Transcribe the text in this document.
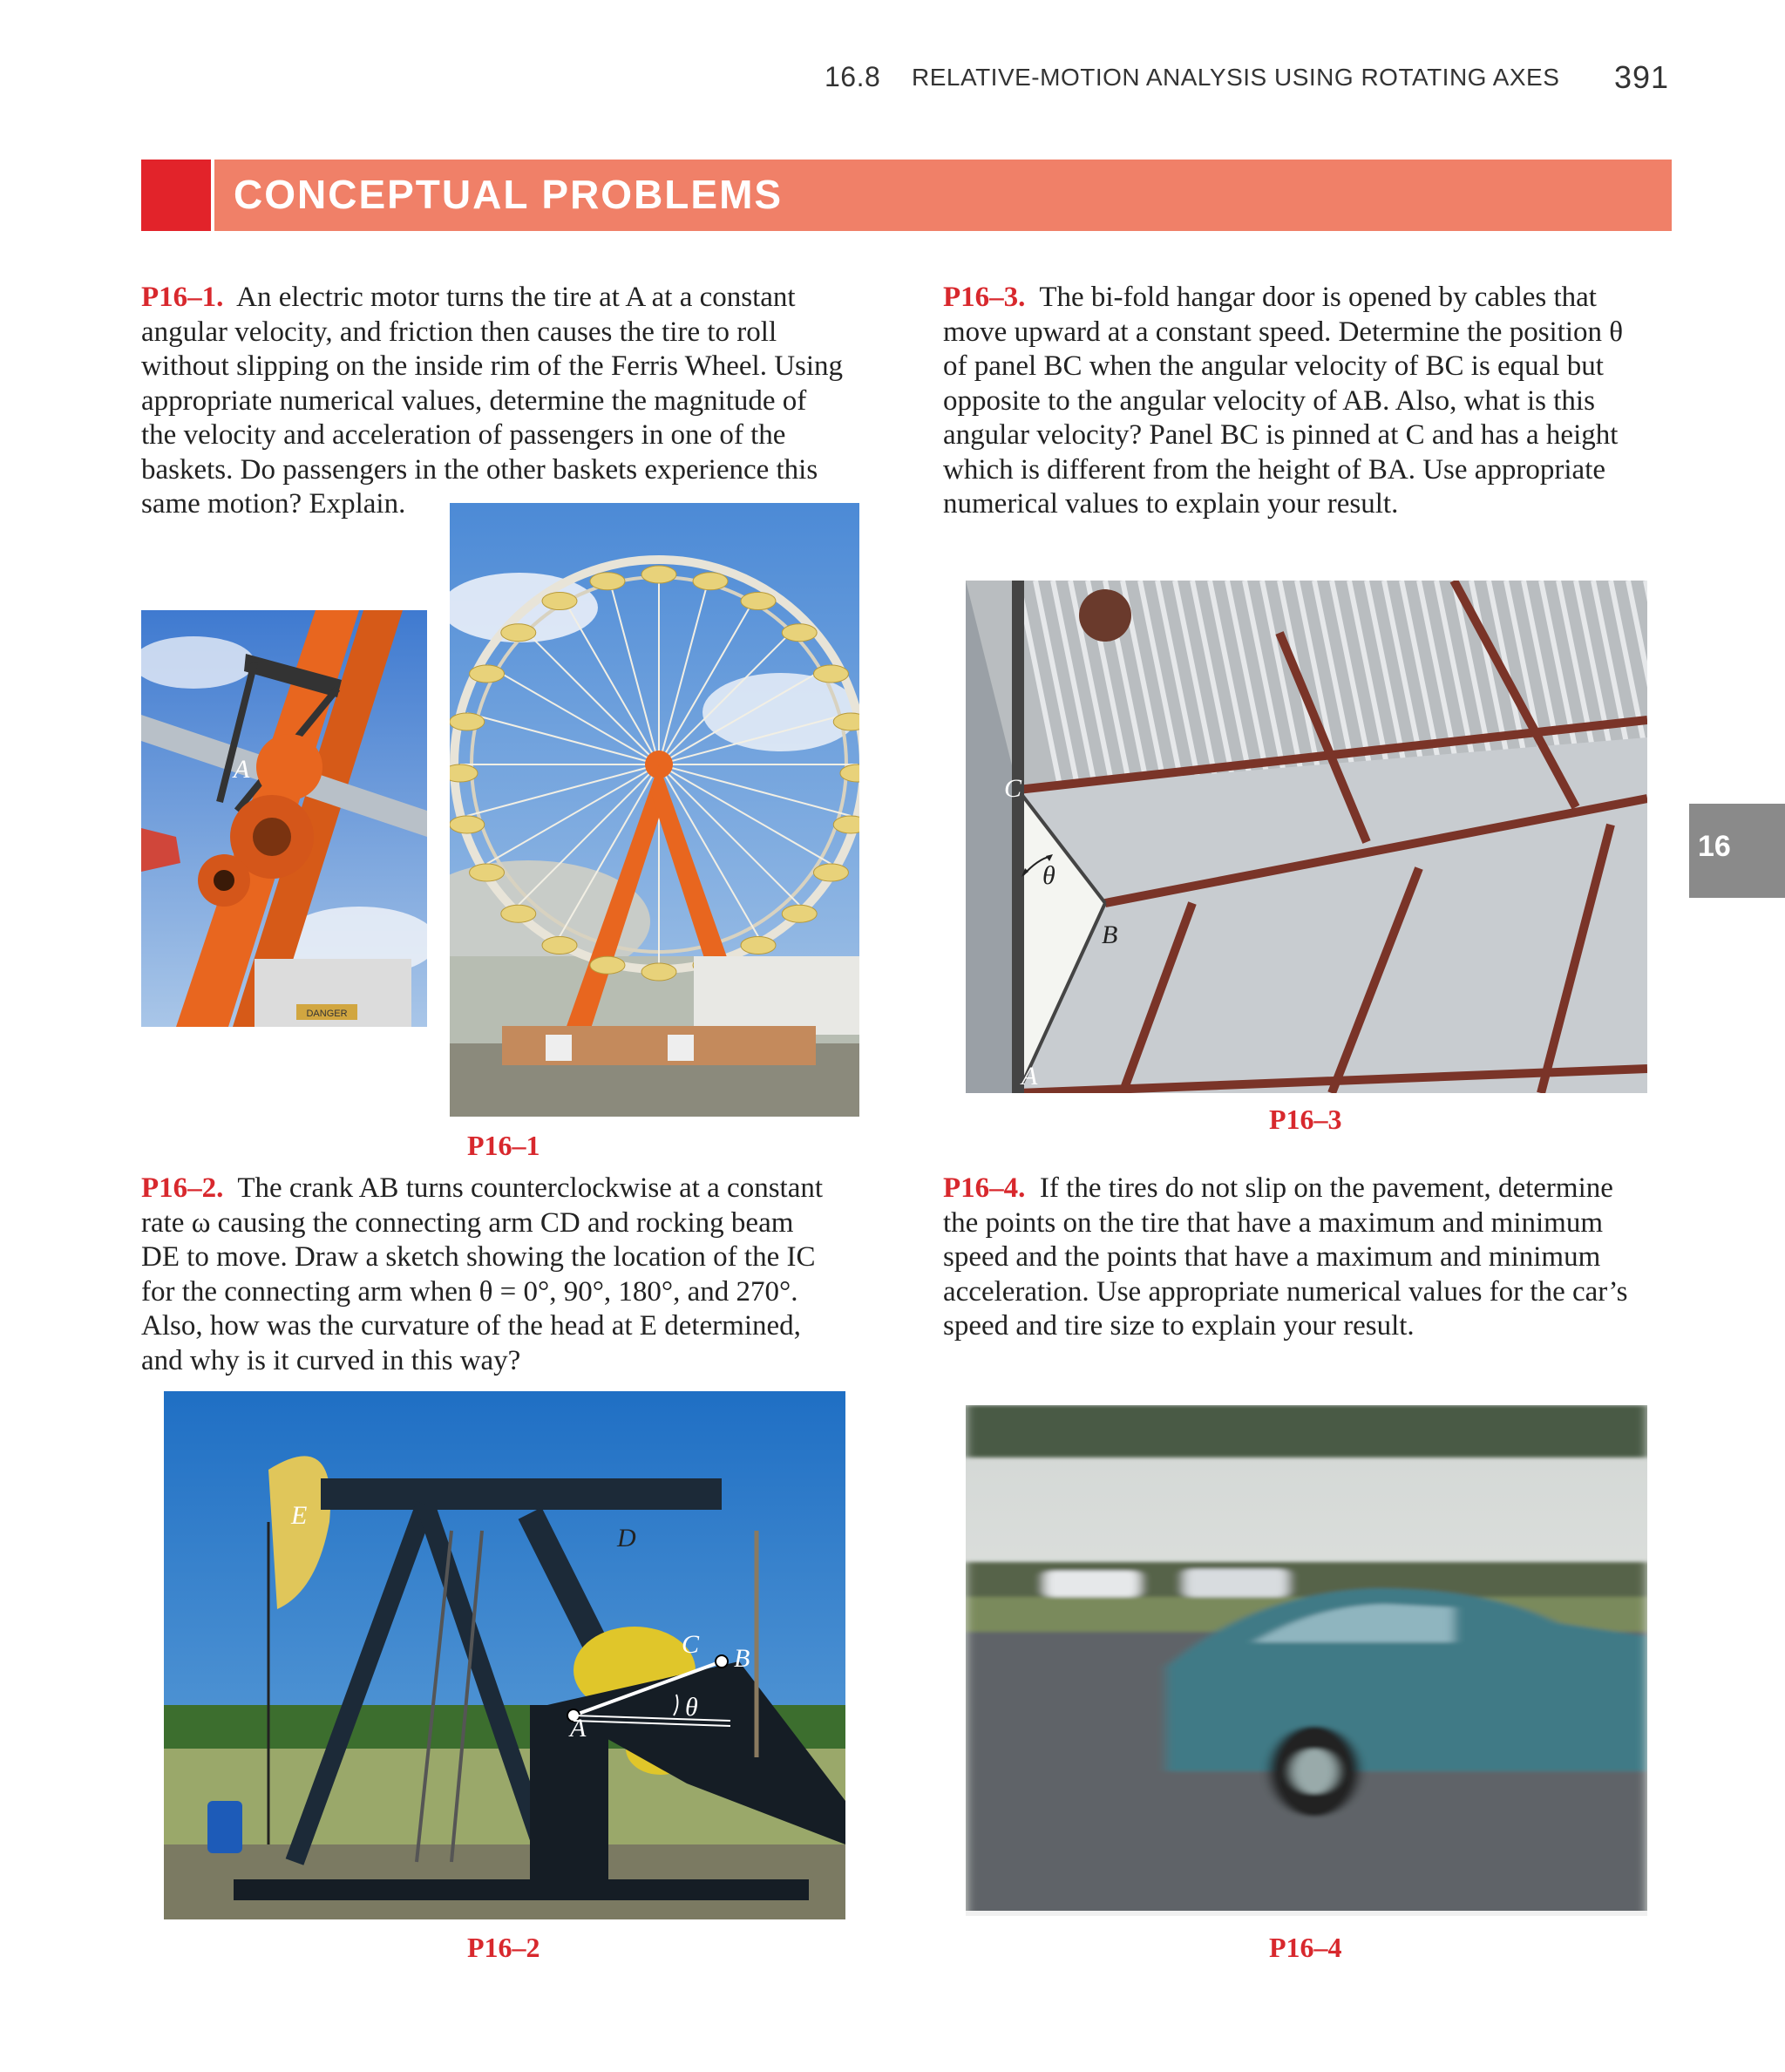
16.8 RELATIVE-MOTION ANALYSIS USING ROTATING AXES 391
CONCEPTUAL PROBLEMS
16
P16–1. An electric motor turns the tire at A at a constant
angular velocity, and friction then causes the tire to roll
without slipping on the inside rim of the Ferris Wheel. Using
appropriate numerical values, determine the magnitude of
the velocity and acceleration of passengers in one of the
baskets. Do passengers in the other baskets experience this
same motion? Explain.
P16–3. The bi-fold hangar door is opened by cables that
move upward at a constant speed. Determine the position θ
of panel BC when the angular velocity of BC is equal but
opposite to the angular velocity of AB. Also, what is this
angular velocity? Panel BC is pinned at C and has a height
which is different from the height of BA. Use appropriate
numerical values to explain your result.
DANGER
A
P16–1
C
θ
B
A
P16–3
P16–2. The crank AB turns counterclockwise at a constant
rate ω causing the connecting arm CD and rocking beam
DE to move. Draw a sketch showing the location of the IC
for the connecting arm when θ = 0°, 90°, 180°, and 270°.
Also, how was the curvature of the head at E determined,
and why is it curved in this way?
P16–4. If the tires do not slip on the pavement, determine
the points on the tire that have a maximum and minimum
speed and the points that have a maximum and minimum
acceleration. Use appropriate numerical values for the car’s
speed and tire size to explain your result.
E
D
C B
A
θ
P16–2	P16–4
